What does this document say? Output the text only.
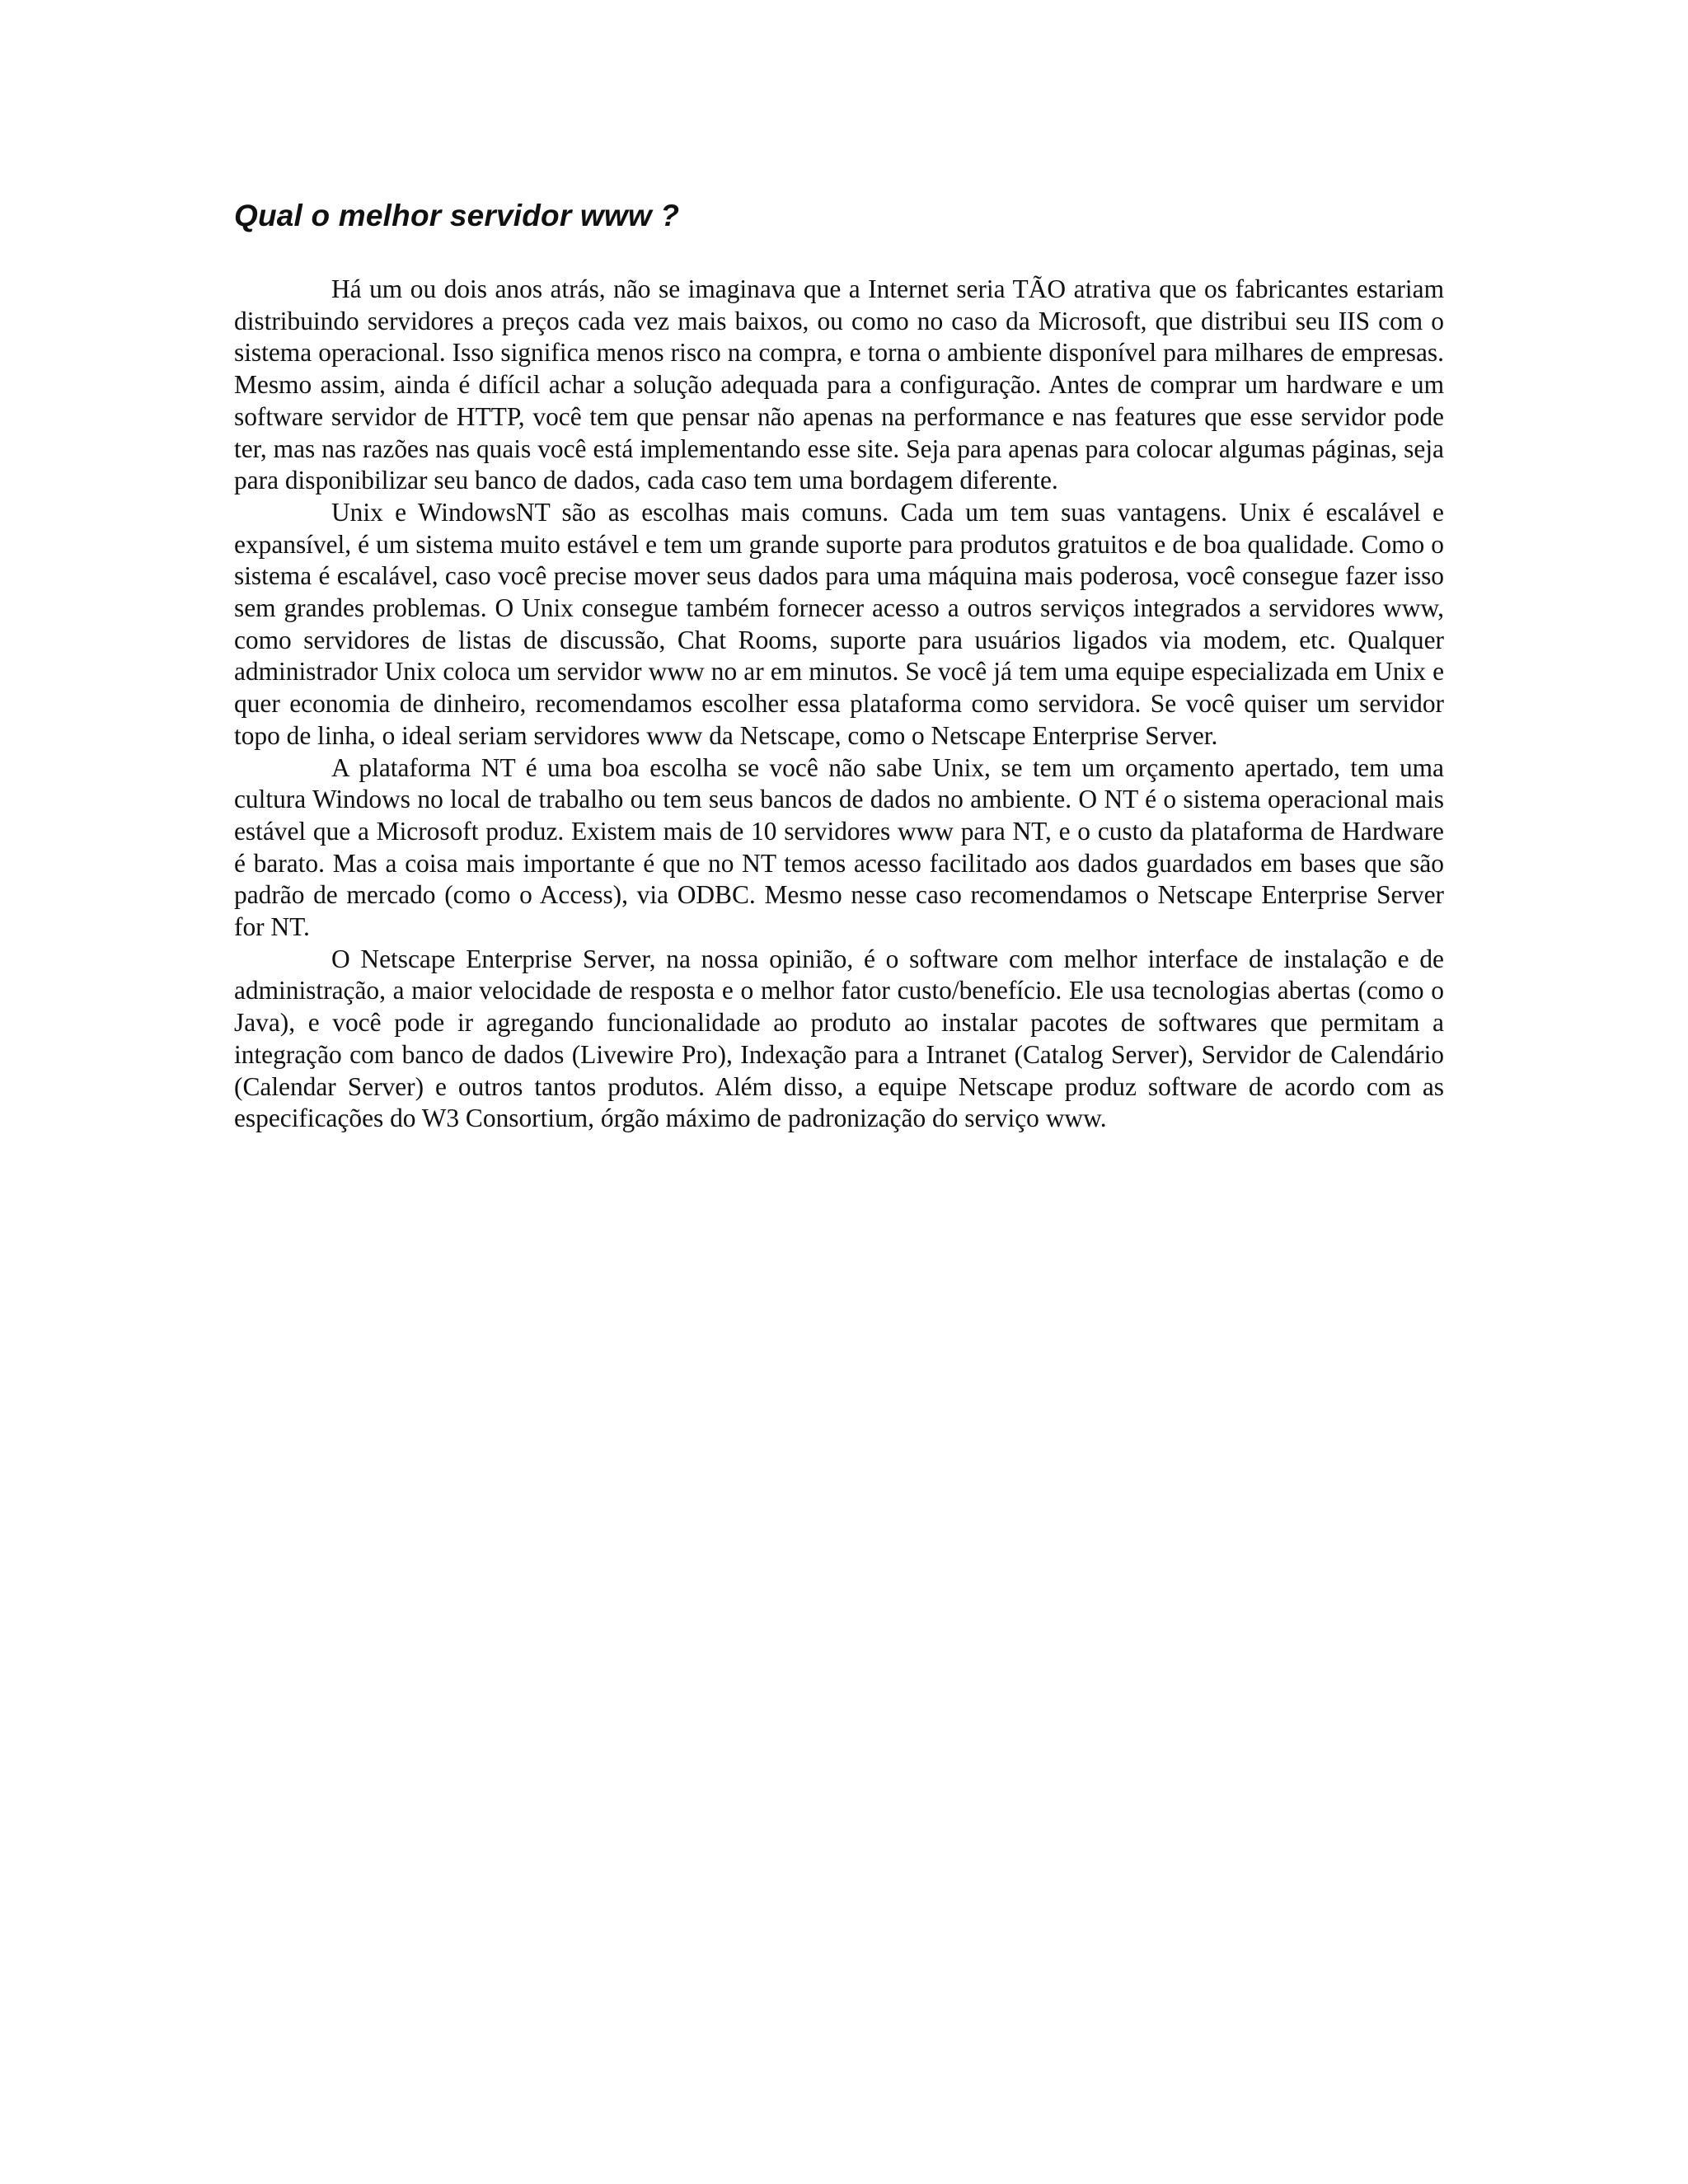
Qual o melhor servidor www ?

Há um ou dois anos atrás, não se imaginava que a Internet seria TÃO atrativa que os fabricantes estariam distribuindo servidores a preços cada vez mais baixos, ou como no caso da Microsoft, que distribui seu IIS com o sistema operacional. Isso significa menos risco na compra, e torna o ambiente disponível para milhares de empresas. Mesmo assim, ainda é difícil achar a solução adequada para a configuração. Antes de comprar um hardware e um software servidor de HTTP, você tem que pensar não apenas na performance e nas features que esse servidor pode ter, mas nas razões nas quais você está implementando esse site. Seja para apenas para colocar algumas páginas, seja para disponibilizar seu banco de dados, cada caso tem uma bordagem diferente.

Unix e WindowsNT são as escolhas mais comuns. Cada um tem suas vantagens. Unix é escalável e expansível, é um sistema muito estável e tem um grande suporte para produtos gratuitos e de boa qualidade. Como o sistema é escalável, caso você precise mover seus dados para uma máquina mais poderosa, você consegue fazer isso sem grandes problemas. O Unix consegue também fornecer acesso a outros serviços integrados a servidores www, como servidores de listas de discussão, Chat Rooms, suporte para usuários ligados via modem, etc. Qualquer administrador Unix coloca um servidor www no ar em minutos. Se você já tem uma equipe especializada em Unix e quer economia de dinheiro, recomendamos escolher essa plataforma como servidora. Se você quiser um servidor topo de linha, o ideal seriam servidores www da Netscape, como o Netscape Enterprise Server.

A plataforma NT é uma boa escolha se você não sabe Unix, se tem um orçamento apertado, tem uma cultura Windows no local de trabalho ou tem seus bancos de dados no ambiente. O NT é o sistema operacional mais estável que a Microsoft produz. Existem mais de 10 servidores www para NT, e o custo da plataforma de Hardware é barato. Mas a coisa mais importante é que no NT temos acesso facilitado aos dados guardados em bases que são padrão de mercado (como o Access), via ODBC. Mesmo nesse caso recomendamos o Netscape Enterprise Server for NT.

O Netscape Enterprise Server, na nossa opinião, é o software com melhor interface de instalação e de administração, a maior velocidade de resposta e o melhor fator custo/benefício. Ele usa tecnologias abertas (como o Java), e você pode ir agregando funcionalidade ao produto ao instalar pacotes de softwares que permitam a integração com banco de dados (Livewire Pro), Indexação para a Intranet (Catalog Server), Servidor de Calendário (Calendar Server) e outros tantos produtos. Além disso, a equipe Netscape produz software de acordo com as especificações do W3 Consortium, órgão máximo de padronização do serviço www.
